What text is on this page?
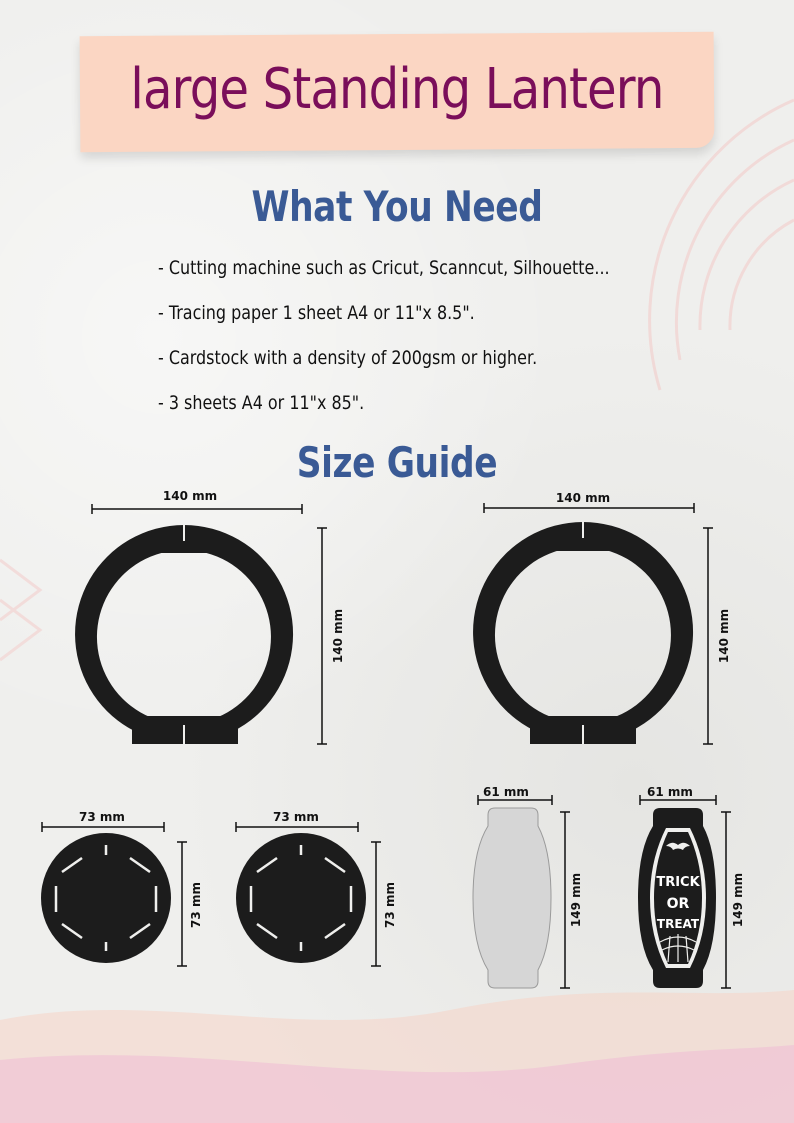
large Standing Lantern
What You Need
- Cutting machine such as Cricut, Scanncut, Silhouette...
- Tracing paper 1 sheet A4 or 11"x 8.5".
- Cardstock with a density of 200gsm or higher.
- 3 sheets A4 or 11"x 85".
Size Guide
140 mm
140 mm
140 mm
140 mm
73 mm
73 mm
73 mm
73 mm
61 mm
149 mm	TRICK
OR
TREAT
61 mm
149 mm
